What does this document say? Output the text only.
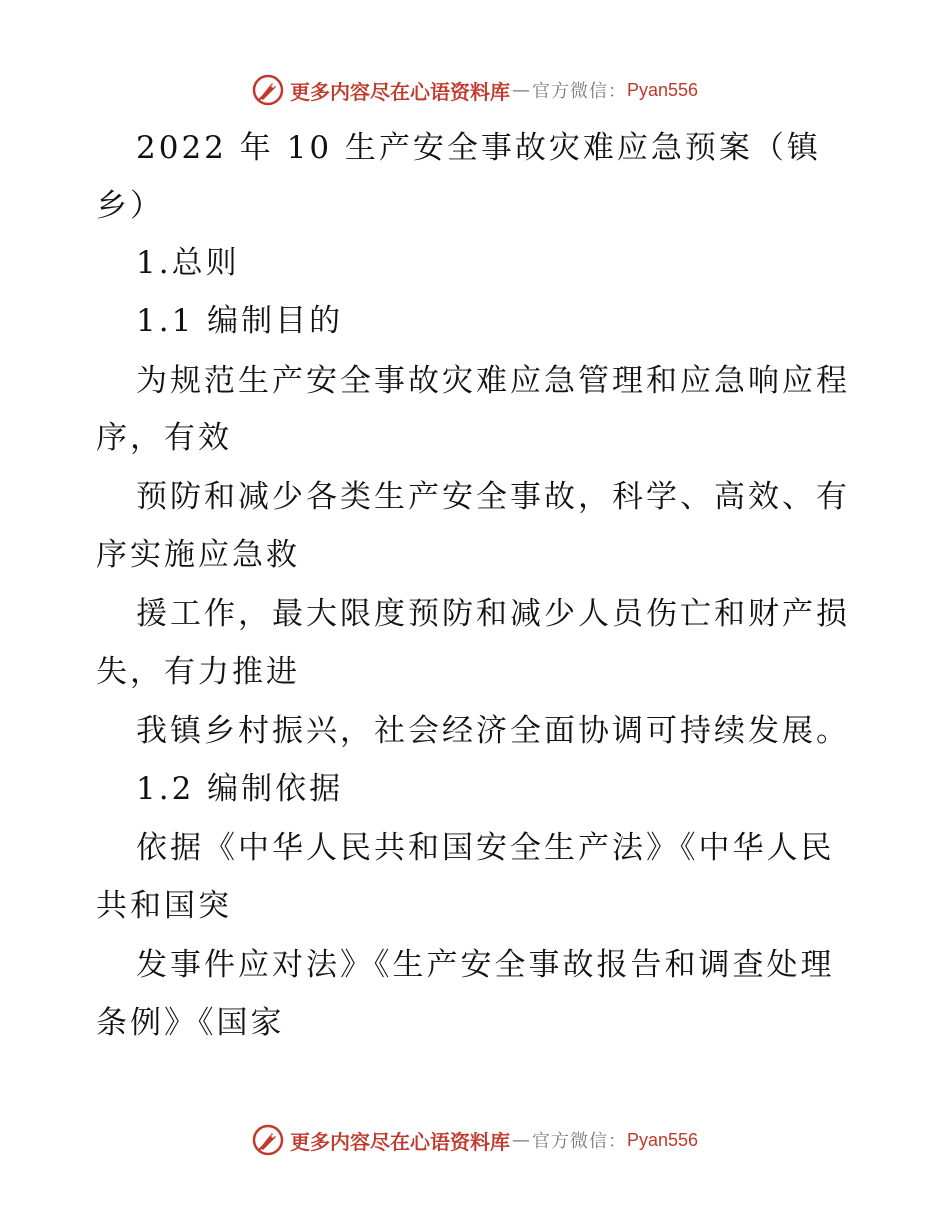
更多内容尽在心语资料库 — 官方微信： Pyan556
2022 年 10 生产安全事故灾难应急预案（镇
乡）
1.总则
1.1 编制目的
为规范生产安全事故灾难应急管理和应急响应程
序，有效
预防和减少各类生产安全事故，科学、高效、有
序实施应急救
援工作，最大限度预防和减少人员伤亡和财产损
失，有力推进
我镇乡村振兴，社会经济全面协调可持续发展。
1.2 编制依据
依据《中华人民共和国安全生产法》《中华人民
共和国突
发事件应对法》《生产安全事故报告和调查处理
条例》《国家
更多内容尽在心语资料库 — 官方微信： Pyan556
